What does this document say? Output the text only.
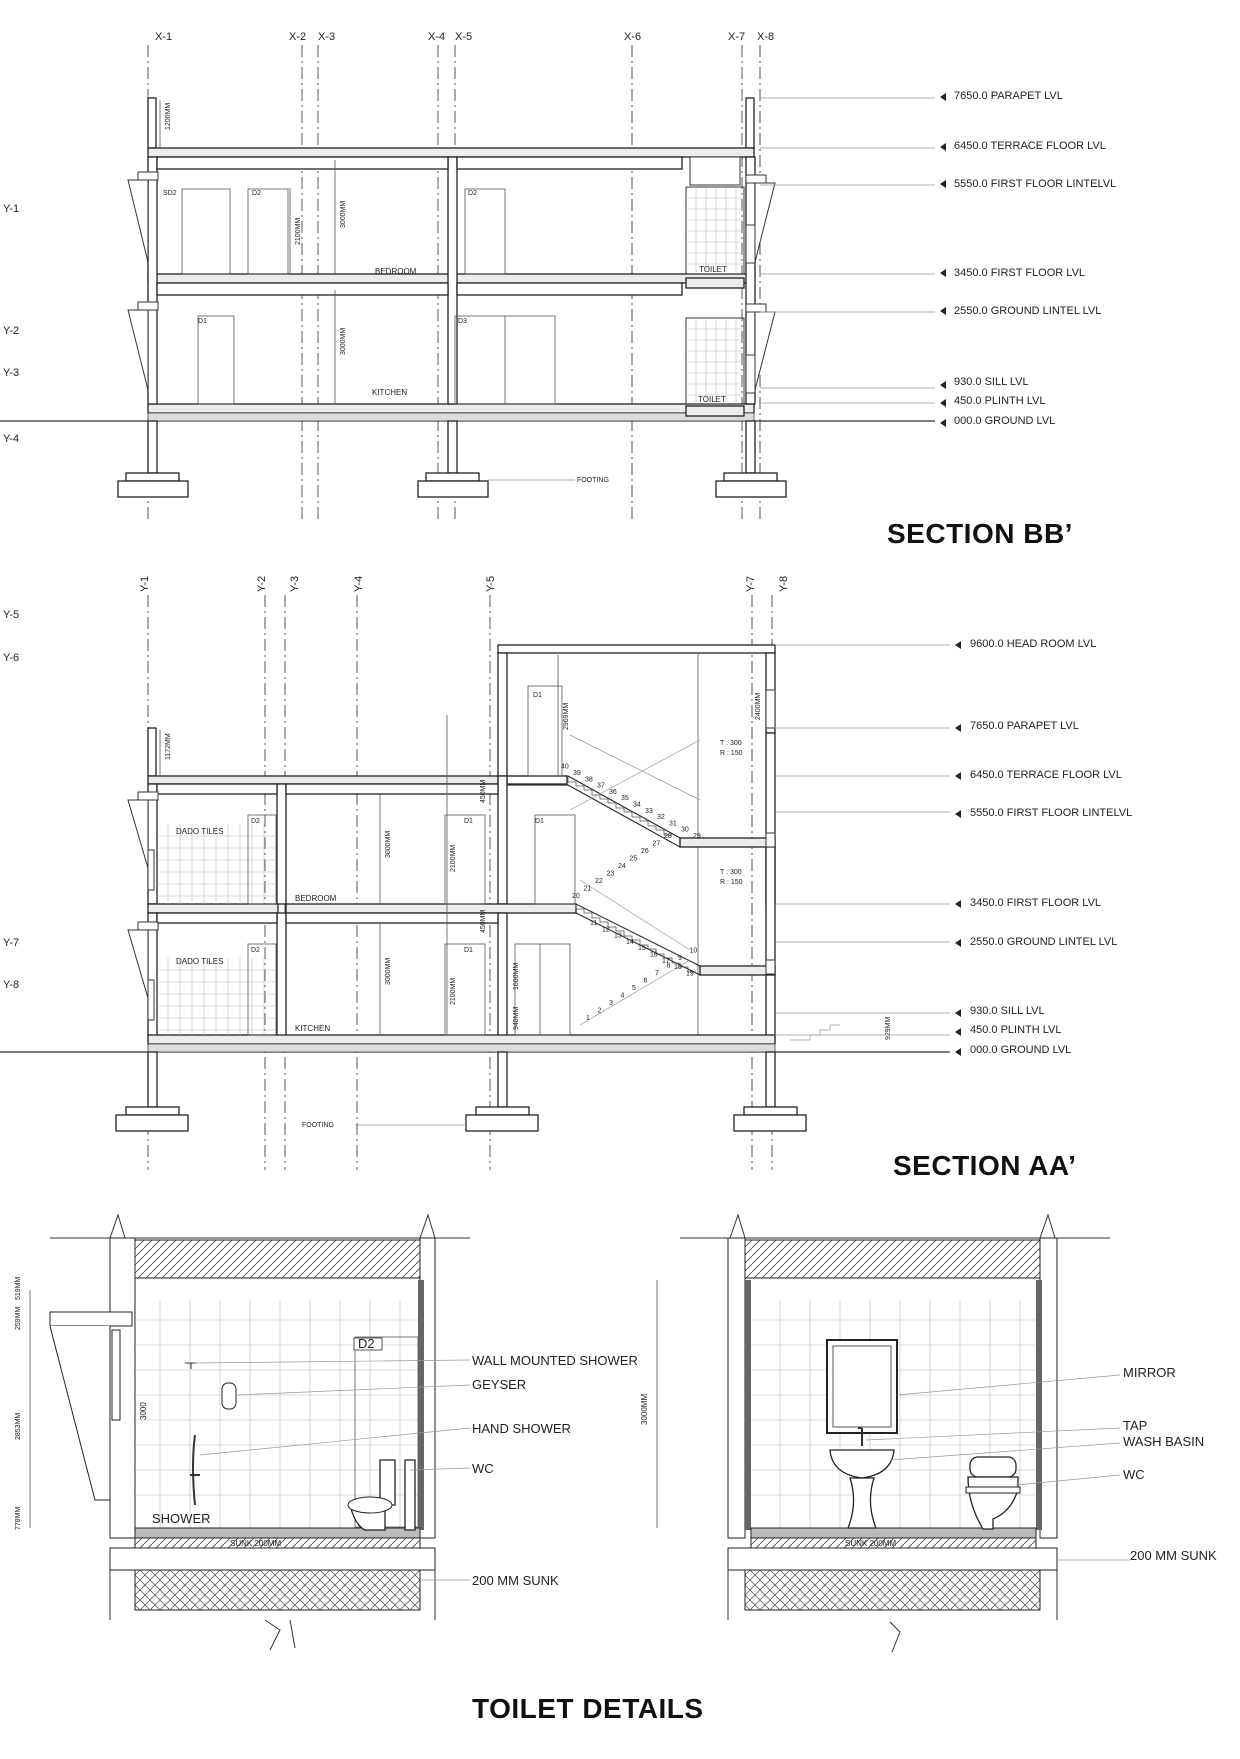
X-1	X-2 X-3	X-4 X-5	X-6	X-7 X-8
Y-1
Y-2
Y-3
Y-4
1200MM
3000MM
2100MM
3000MM
BEDROOM
KITCHEN
TOILET
TOILET
SD2	D2	D2
D1	D3
FOOTING
7650.0 PARAPET LVL
6450.0 TERRACE FLOOR LVL
5550.0 FIRST FLOOR LINTELVL
3450.0 FIRST FLOOR LVL
2550.0 GROUND LINTEL LVL
930.0 SILL LVL
450.0 PLINTH LVL
000.0 GROUND LVL
SECTION BB’
Y-1	Y-2 Y-3	Y-4	Y-5	Y-7 Y-8
Y-5
Y-6
Y-7
Y-8
1172MM
2969MM
3000MM
2100MM
450MM
450MM
3000MM
2100MM
1600MM
940MM	929MM
2400MM
T : 300
R : 150
T : 300
R : 150
1
2
3
4
5
6
7
8
9
10
11
12
13
14
15
16
17
18
19
20
21
22
23
24
25
26
27
28	29
30
31
32
33
34
35
36
37
38
39
40
DADO TILES
DADO TILES
BEDROOM
KITCHEN
D1
D2	D1	D1
D2	D1
FOOTING
9600.0 HEAD ROOM LVL
7650.0 PARAPET LVL
6450.0 TERRACE FLOOR LVL
5550.0 FIRST FLOOR LINTELVL
3450.0 FIRST FLOOR LVL
2550.0 GROUND LINTEL LVL
930.0 SILL LVL
450.0 PLINTH LVL
000.0 GROUND LVL
SECTION AA’
259MM
519MM
2853MM
778MM
3000
D2
SHOWER
SUNK 200MM
WALL MOUNTED SHOWER
GEYSER
HAND SHOWER
WC
200 MM SUNK
3000MM
SUNK 200MM
MIRROR
TAP
WASH BASIN
WC
200 MM SUNK
TOILET DETAILS
